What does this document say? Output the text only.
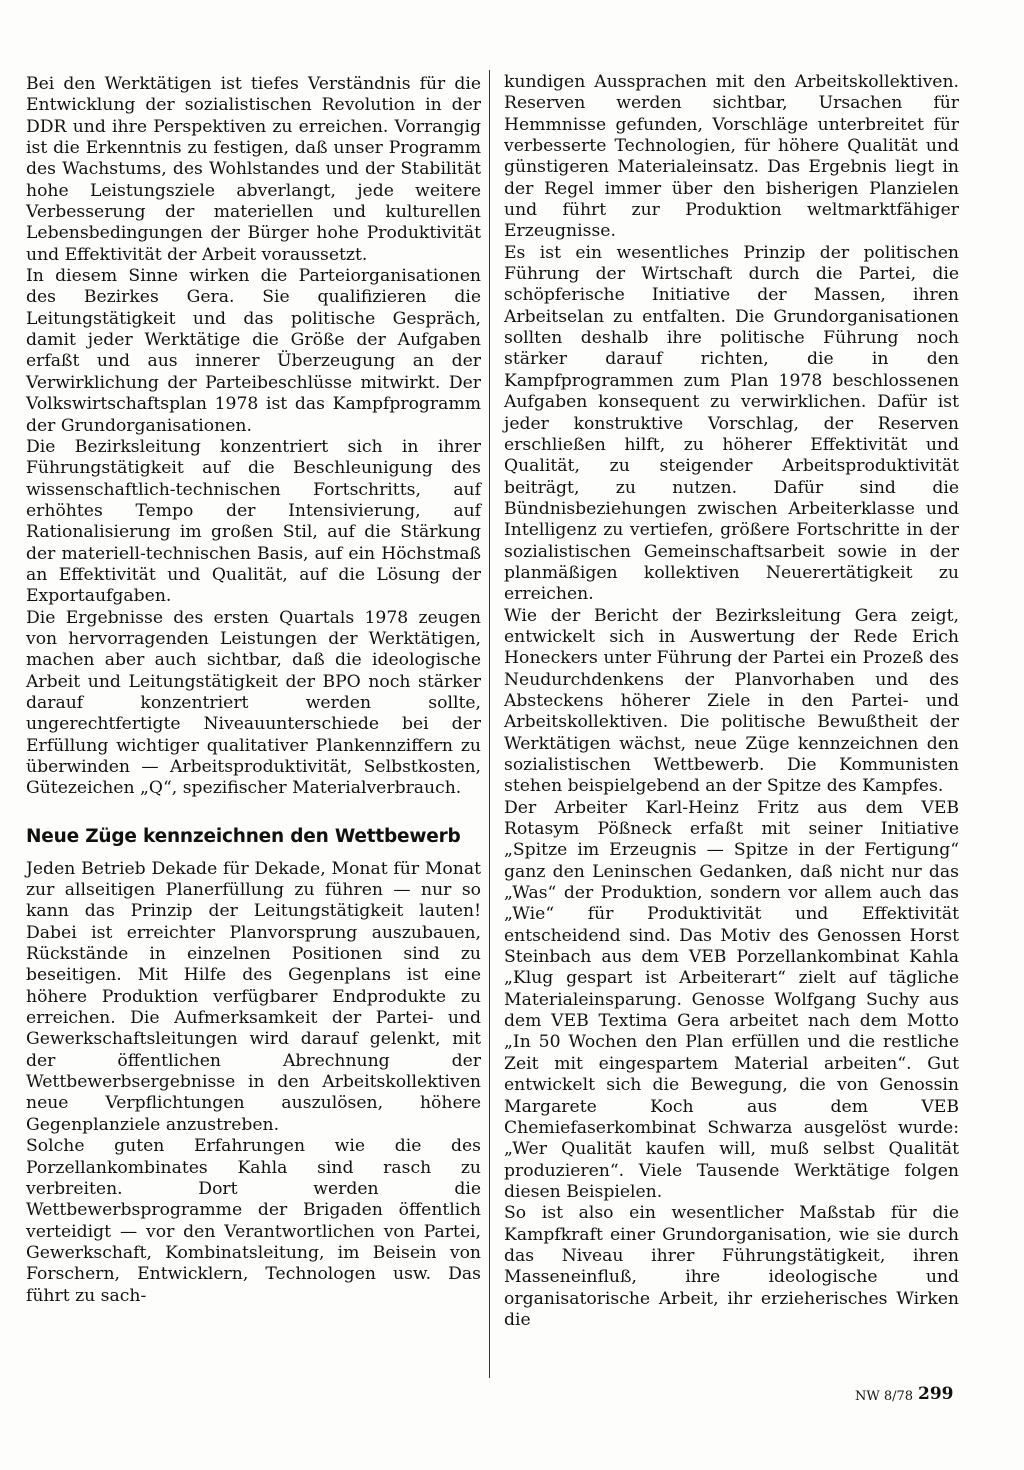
Bei den Werktätigen ist tiefes Verständnis für die Entwicklung der sozialistischen Revolution in der DDR und ihre Perspektiven zu erreichen. Vorrangig ist die Erkenntnis zu festigen, daß unser Programm des Wachstums, des Wohlstandes und der Stabilität hohe Leistungsziele abverlangt, jede weitere Verbesserung der materiellen und kulturellen Lebensbedingungen der Bürger hohe Produktivität und Effektivität der Arbeit voraussetzt.

In diesem Sinne wirken die Parteiorganisationen des Bezirkes Gera. Sie qualifizieren die Leitungstätigkeit und das politische Gespräch, damit jeder Werktätige die Größe der Aufgaben erfaßt und aus innerer Überzeugung an der Verwirklichung der Parteibeschlüsse mitwirkt. Der Volkswirtschaftsplan 1978 ist das Kampfprogramm der Grundorganisationen.

Die Bezirksleitung konzentriert sich in ihrer Führungstätigkeit auf die Beschleunigung des wissenschaftlich-technischen Fortschritts, auf erhöhtes Tempo der Intensivierung, auf Rationalisierung im großen Stil, auf die Stärkung der materiell-technischen Basis, auf ein Höchstmaß an Effektivität und Qualität, auf die Lösung der Exportaufgaben.

Die Ergebnisse des ersten Quartals 1978 zeugen von hervorragenden Leistungen der Werktätigen, machen aber auch sichtbar, daß die ideologische Arbeit und Leitungstätigkeit der BPO noch stärker darauf konzentriert werden sollte, ungerechtfertigte Niveauunterschiede bei der Erfüllung wichtiger qualitativer Plankennziffern zu überwinden — Arbeitsproduktivität, Selbstkosten, Gütezeichen „Q“, spezifischer Materialverbrauch.

Neue Züge kennzeichnen den Wettbewerb

Jeden Betrieb Dekade für Dekade, Monat für Monat zur allseitigen Planerfüllung zu führen — nur so kann das Prinzip der Leitungstätigkeit lauten! Dabei ist erreichter Planvorsprung auszubauen, Rückstände in einzelnen Positionen sind zu beseitigen. Mit Hilfe des Gegenplans ist eine höhere Produktion verfügbarer Endprodukte zu erreichen. Die Aufmerksamkeit der Partei- und Gewerkschaftsleitungen wird darauf gelenkt, mit der öffentlichen Abrechnung der Wettbewerbsergebnisse in den Arbeitskollektiven neue Verpflichtungen auszulösen, höhere Gegenplanziele anzustreben.

Solche guten Erfahrungen wie die des Porzellankombinates Kahla sind rasch zu verbreiten. Dort werden die Wettbewerbsprogramme der Brigaden öffentlich verteidigt — vor den Verantwortlichen von Partei, Gewerkschaft, Kombinatsleitung, im Beisein von Forschern, Entwicklern, Technologen usw. Das führt zu sach-

kundigen Aussprachen mit den Arbeitskollektiven. Reserven werden sichtbar, Ursachen für Hemmnisse gefunden, Vorschläge unterbreitet für verbesserte Technologien, für höhere Qualität und günstigeren Materialeinsatz. Das Ergebnis liegt in der Regel immer über den bisherigen Planzielen und führt zur Produktion weltmarktfähiger Erzeugnisse.

Es ist ein wesentliches Prinzip der politischen Führung der Wirtschaft durch die Partei, die schöpferische Initiative der Massen, ihren Arbeitselan zu entfalten. Die Grundorganisationen sollten deshalb ihre politische Führung noch stärker darauf richten, die in den Kampfprogrammen zum Plan 1978 beschlossenen Aufgaben konsequent zu verwirklichen. Dafür ist jeder konstruktive Vorschlag, der Reserven erschließen hilft, zu höherer Effektivität und Qualität, zu steigender Arbeitsproduktivität beiträgt, zu nutzen. Dafür sind die Bündnisbeziehungen zwischen Arbeiterklasse und Intelligenz zu vertiefen, größere Fortschritte in der sozialistischen Gemeinschaftsarbeit sowie in der planmäßigen kollektiven Neuerertätigkeit zu erreichen.

Wie der Bericht der Bezirksleitung Gera zeigt, entwickelt sich in Auswertung der Rede Erich Honeckers unter Führung der Partei ein Prozeß des Neudurchdenkens der Planvorhaben und des Absteckens höherer Ziele in den Partei- und Arbeitskollektiven. Die politische Bewußtheit der Werktätigen wächst, neue Züge kennzeichnen den sozialistischen Wettbewerb. Die Kommunisten stehen beispielgebend an der Spitze des Kampfes.

Der Arbeiter Karl-Heinz Fritz aus dem VEB Rotasym Pößneck erfaßt mit seiner Initiative „Spitze im Erzeugnis — Spitze in der Fertigung“ ganz den Leninschen Gedanken, daß nicht nur das „Was“ der Produktion, sondern vor allem auch das „Wie“ für Produktivität und Effektivität entscheidend sind. Das Motiv des Genossen Horst Steinbach aus dem VEB Porzellankombinat Kahla „Klug gespart ist Arbeiterart“ zielt auf tägliche Materialeinsparung. Genosse Wolfgang Suchy aus dem VEB Textima Gera arbeitet nach dem Motto „In 50 Wochen den Plan erfüllen und die restliche Zeit mit eingespartem Material arbeiten“. Gut entwickelt sich die Bewegung, die von Genossin Margarete Koch aus dem VEB Chemiefaserkombinat Schwarza ausgelöst wurde: „Wer Qualität kaufen will, muß selbst Qualität produzieren“. Viele Tausende Werktätige folgen diesen Beispielen.

So ist also ein wesentlicher Maßstab für die Kampfkraft einer Grundorganisation, wie sie durch das Niveau ihrer Führungstätigkeit, ihren Masseneinfluß, ihre ideologische und organisatorische Arbeit, ihr erzieherisches Wirken die

NW 8/78 299
